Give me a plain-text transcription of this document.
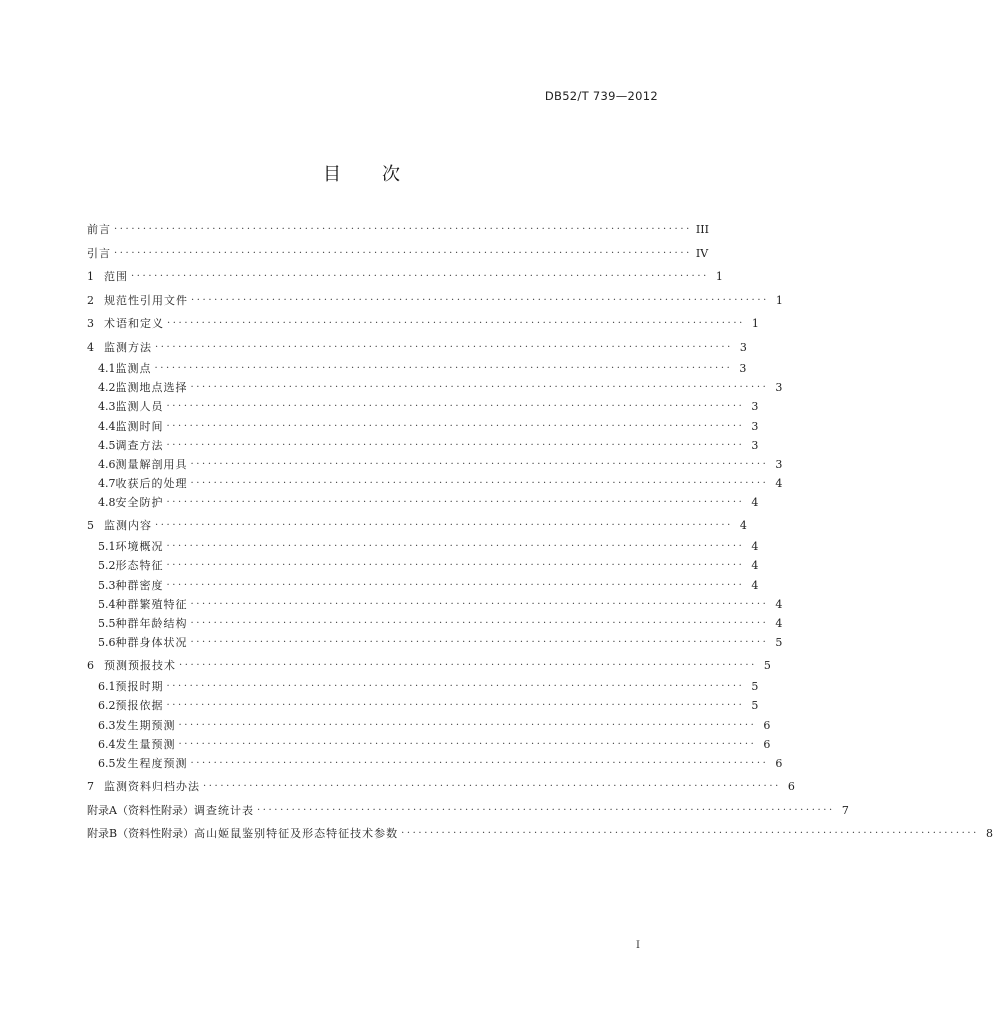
DB52/T 739—2012
目 次
前言 ···································································································· III
引言 ···································································································· IV
1 范围 ···································································································· 1
2 规范性引用文件 ···································································································· 1
3 术语和定义 ···································································································· 1
4 监测方法 ···································································································· 3
4.1 监测点 ···································································································· 3
4.2 监测地点选择 ···································································································· 3
4.3 监测人员 ···································································································· 3
4.4 监测时间 ···································································································· 3
4.5 调查方法 ···································································································· 3
4.6 测量解剖用具 ···································································································· 3
4.7 收获后的处理 ···································································································· 4
4.8 安全防护 ···································································································· 4
5 监测内容 ···································································································· 4
5.1 环境概况 ···································································································· 4
5.2 形态特征 ···································································································· 4
5.3 种群密度 ···································································································· 4
5.4 种群繁殖特征 ···································································································· 4
5.5 种群年龄结构 ···································································································· 4
5.6 种群身体状况 ···································································································· 5
6 预测预报技术 ···································································································· 5
6.1 预报时期 ···································································································· 5
6.2 预报依据 ···································································································· 5
6.3 发生期预测 ···································································································· 6
6.4 发生量预测 ···································································································· 6
6.5 发生程度预测 ···································································································· 6
7 监测资料归档办法 ···································································································· 6
附录A（资料性附录） 调查统计表 ···································································································· 7
附录B（资料性附录） 高山姬鼠鉴别特征及形态特征技术参数 ···································································································· 8
I
